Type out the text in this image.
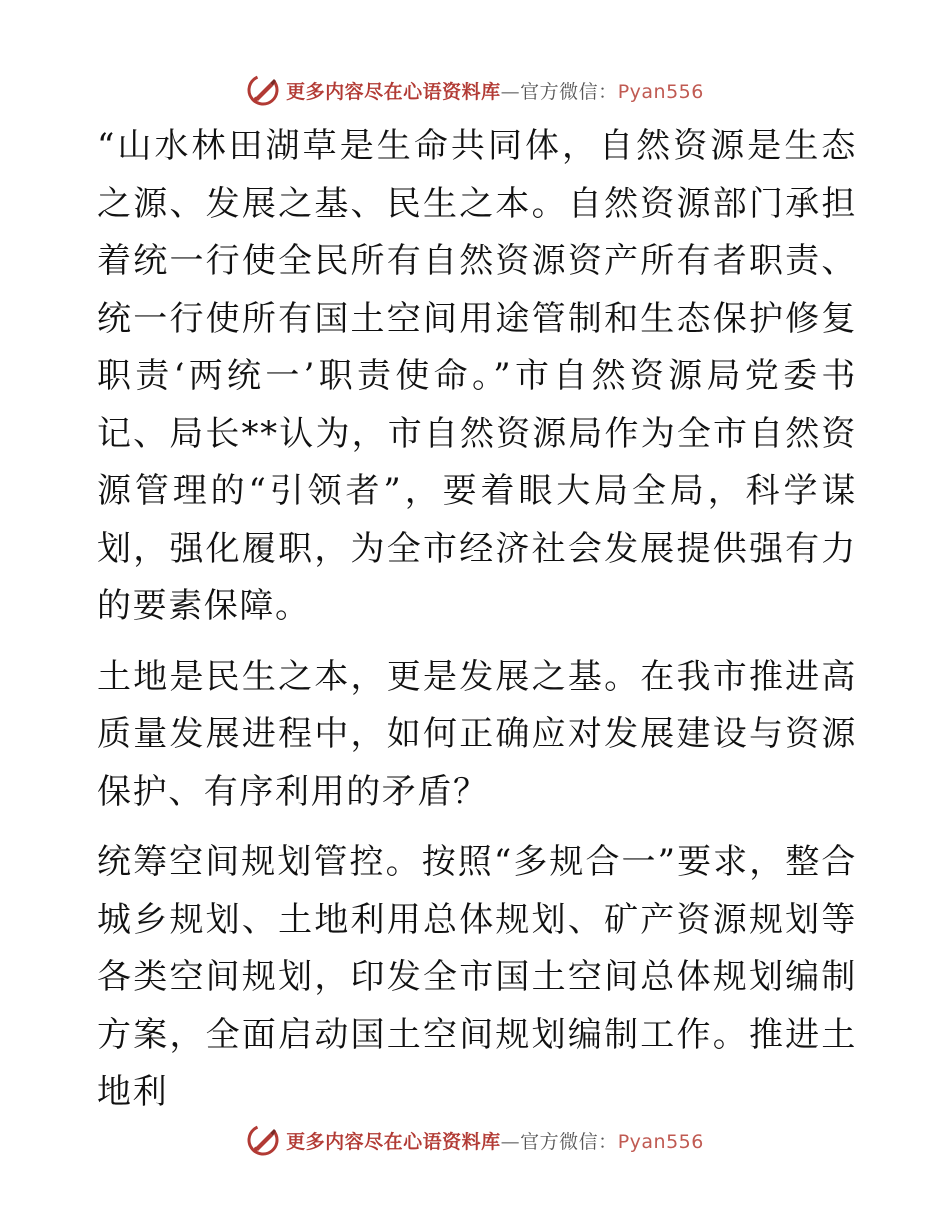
更多内容尽在心语资料库—官方微信：Pyan556

“山水林田湖草是生命共同体，自然资源是生态之源、发展之基、民生之本。自然资源部门承担着统一行使全民所有自然资源资产所有者职责、统一行使所有国土空间用途管制和生态保护修复职责‘两统一’职责使命。”市自然资源局党委书记、局长**认为，市自然资源局作为全市自然资源管理的“引领者”，要着眼大局全局，科学谋划，强化履职，为全市经济社会发展提供强有力的要素保障。

土地是民生之本，更是发展之基。在我市推进高质量发展进程中，如何正确应对发展建设与资源保护、有序利用的矛盾？

统筹空间规划管控。按照“多规合一”要求，整合城乡规划、土地利用总体规划、矿产资源规划等各类空间规划，印发全市国土空间总体规划编制方案，全面启动国土空间规划编制工作。推进土地利

更多内容尽在心语资料库—官方微信：Pyan556
